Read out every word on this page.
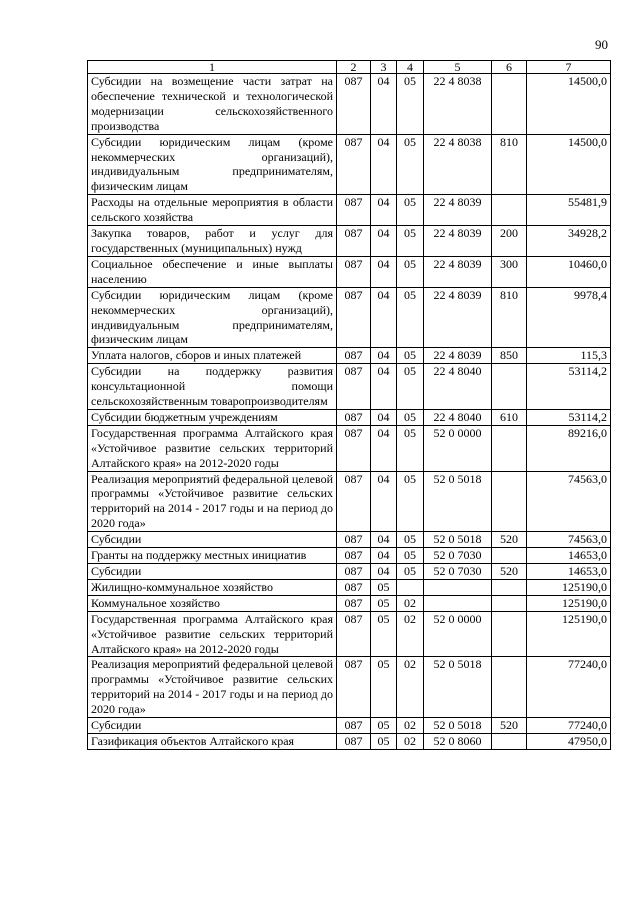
90
1	2	3	4	5	6	7
Субсидии на возмещение части затрат на обеспечение технической и технологической модернизации сельскохозяйственного производства	087	04	05	22 4 8038		14500,0
Субсидии юридическим лицам (кроме некоммерческих организаций), индивидуальным предпринимателям, физическим лицам	087	04	05	22 4 8038	810	14500,0
Расходы на отдельные мероприятия в области сельского хозяйства	087	04	05	22 4 8039		55481,9
Закупка товаров, работ и услуг для государственных (муниципальных) нужд	087	04	05	22 4 8039	200	34928,2
Социальное обеспечение и иные выплаты населению	087	04	05	22 4 8039	300	10460,0
Субсидии юридическим лицам (кроме некоммерческих организаций), индивидуальным предпринимателям, физическим лицам	087	04	05	22 4 8039	810	9978,4
Уплата налогов, сборов и иных платежей	087	04	05	22 4 8039	850	115,3
Субсидии на поддержку развития консультационной помощи сельскохозяйственным товаропроизводителям	087	04	05	22 4 8040		53114,2
Субсидии бюджетным учреждениям	087	04	05	22 4 8040	610	53114,2
Государственная программа Алтайского края «Устойчивое развитие сельских территорий Алтайского края» на 2012-2020 годы	087	04	05	52 0 0000		89216,0
Реализация мероприятий федеральной целевой программы «Устойчивое развитие сельских территорий на 2014 - 2017 годы и на период до 2020 года»	087	04	05	52 0 5018		74563,0
Субсидии	087	04	05	52 0 5018	520	74563,0
Гранты на поддержку местных инициатив	087	04	05	52 0 7030		14653,0
Субсидии	087	04	05	52 0 7030	520	14653,0
Жилищно-коммунальное хозяйство	087	05				125190,0
Коммунальное хозяйство	087	05	02			125190,0
Государственная программа Алтайского края «Устойчивое развитие сельских территорий Алтайского края» на 2012-2020 годы	087	05	02	52 0 0000		125190,0
Реализация мероприятий федеральной целевой программы «Устойчивое развитие сельских территорий на 2014 - 2017 годы и на период до 2020 года»	087	05	02	52 0 5018		77240,0
Субсидии	087	05	02	52 0 5018	520	77240,0
Газификация объектов Алтайского края	087	05	02	52 0 8060		47950,0
